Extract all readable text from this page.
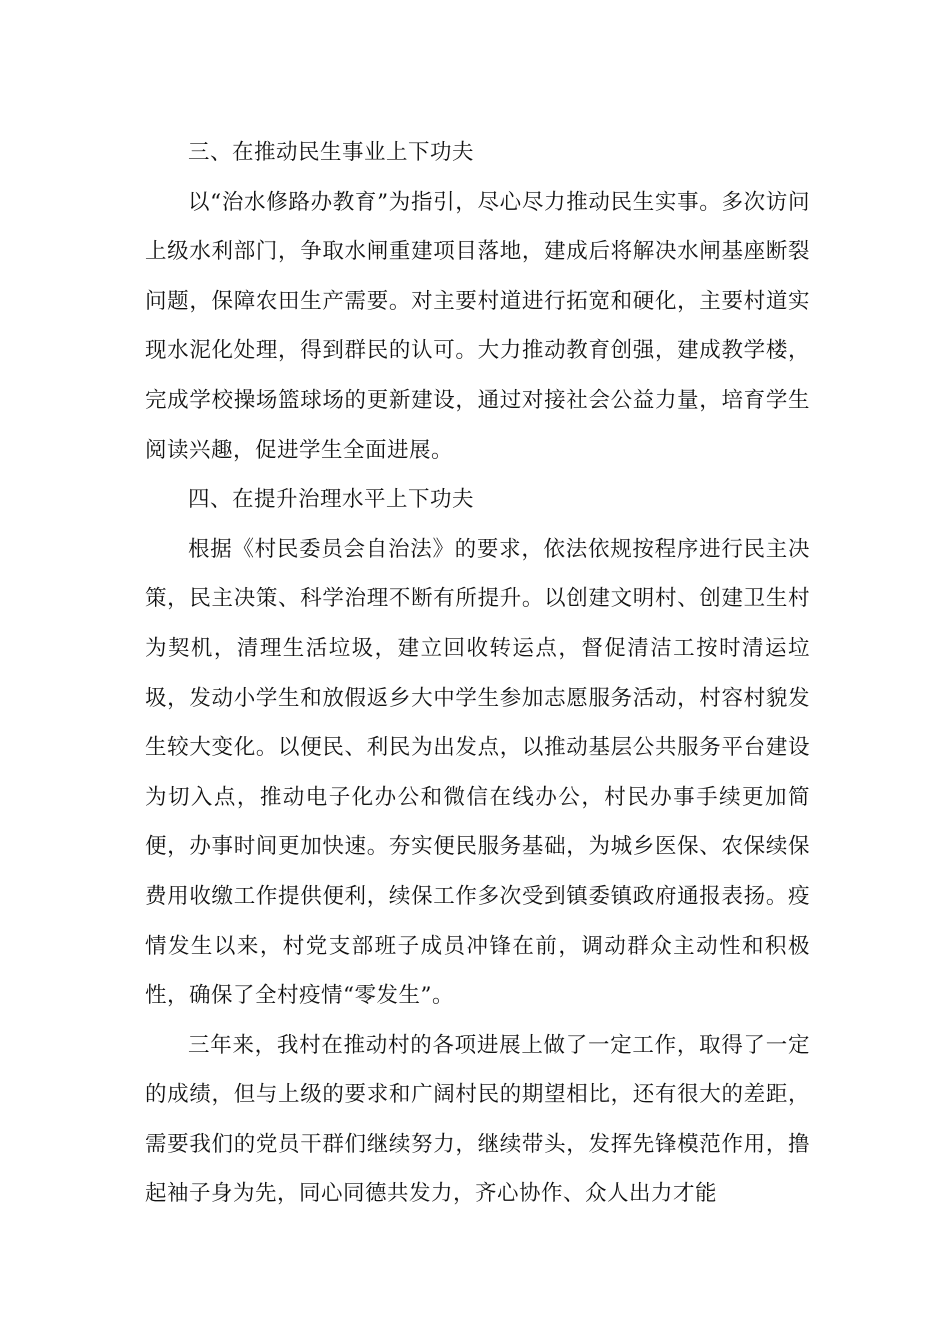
三、在推动民生事业上下功夫

以“治水修路办教育”为指引，尽心尽力推动民生实事。多次访问上级水利部门，争取水闸重建项目落地，建成后将解决水闸基座断裂问题，保障农田生产需要。对主要村道进行拓宽和硬化，主要村道实现水泥化处理，得到群民的认可。大力推动教育创强，建成教学楼，完成学校操场篮球场的更新建设，通过对接社会公益力量，培育学生阅读兴趣，促进学生全面进展。

四、在提升治理水平上下功夫

根据《村民委员会自治法》的要求，依法依规按程序进行民主决策，民主决策、科学治理不断有所提升。以创建文明村、创建卫生村为契机，清理生活垃圾，建立回收转运点，督促清洁工按时清运垃圾，发动小学生和放假返乡大中学生参加志愿服务活动，村容村貌发生较大变化。以便民、利民为出发点，以推动基层公共服务平台建设为切入点，推动电子化办公和微信在线办公，村民办事手续更加简便，办事时间更加快速。夯实便民服务基础，为城乡医保、农保续保费用收缴工作提供便利，续保工作多次受到镇委镇政府通报表扬。疫情发生以来，村党支部班子成员冲锋在前，调动群众主动性和积极性，确保了全村疫情“零发生”。

三年来，我村在推动村的各项进展上做了一定工作，取得了一定的成绩，但与上级的要求和广阔村民的期望相比，还有很大的差距，需要我们的党员干群们继续努力，继续带头，发挥先锋模范作用，撸起袖子身为先，同心同德共发力，齐心协作、众人出力才能
